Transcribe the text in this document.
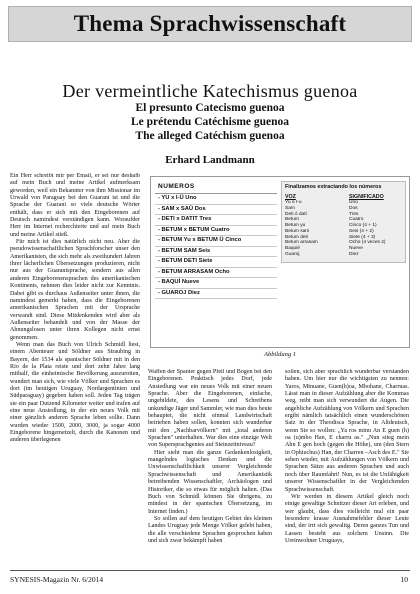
Thema Sprachwissenschaft
Der vermeintliche Katechismus guenoa
El presunto Catecismo guenoa
Le prétendu Catéchisme guenoa
The alleged Catéchism guenoa
Erhard Landmann

Ein Herr schreibt mir per Email, er sei nur deshalb auf mein Buch und meine Artikel aufmerksam geworden, weil ein Bekannter von ihm Missionar im Urwald von Paraguay bei den Guarani ist und die Sprache der Guarani so viele deutsche Wörter enthält, dass er sich mit den Eingeborenen auf Deutsch namindest verständigen kann. Woraufder Herr im Internet recherchierte und auf mein Buch und meine Artikel stieß.

Für mich ist dies natürlich nicht neu. Aber die pseudowissenschaftlichen Sprachforscher unser den Amerikanisten, die sich mehr als zweihundert Jahren ihrer lächerlichen Übersetzungen produzieren, nicht nur aus der Guaranisprache, sondern aus allen anderen Eingeborenensprachen des amerikanischen Kontinents, nehmen dies leider nicht zur Kenntnis. Dabei gibt es durchaus Außenseiter unter ihnen, die namindest gemerkt haben, dass die Eingeborenen amerikanischen Sprachen mit der Ursprache verwandt sind. Diese Mitdenkenden wird aber als Außenseiter behandelt und von der Masse der Ahnungslosen unter ihren Kollegen nicht ernst genommen.

Wenn man das Buch von Ulrich Schmidl liest, einem Abenteuer und Söldner aus Straubing in Bayern, der 1534 als spanischer Söldner mit in den Rio de la Plata reiste und dort zehn Jahre lang mithalf, die einheimische Bevölkerung auszurotten, wundert man sich, wie viele Völker und Sprachen es dort (im heutigen Uruguay, Nordargentinien und Südparaguay) gegeben haben soll. Jeden Tag trägen sie ein paar Dutzend Kilometer weiter und trafen auf eine neue Ansiedlung, in der ein neues Volk mit einer gänzlich anderen Sprache leben sollte. Dann wurden wieder 1500, 2000, 3000, ja sogar 4000 Eingeborene hingemetzelt, durch die Kanonen und anderen überlegenen

NUMEROS
- YU x I-Ü Uno
- SAM x SAÜ Dos
- DETI x DATIT Tres
- BETUM x BETUM Cuatro
- BETUM Yu x BETUM Ü Cinco
- BETUM SAM Seis
- BETUM DETI Siete
- BETUM ARRASAM Ocho
- BAQUİ Nueve
- GUAROJ Diez
Finalizamos extractando los números
VOZ
Yu ó I-u
Sam
Deti ó datí
Betum
Betum yu
Betum sam
Betum deti
Betum arrasam
Baquié
Guaroj
SIGNIFICADO
Uno
Dos
Tres
Cuatro
Cinco (4 + 1)
Seis (4 + 2)
Siete (4 + 3)
Ocho (4 veces 2)
Nueve
Diez
Abbildung 1

Waffen der Spanier gegen Pfeil und Bogen bei den Eingeborenen. Praktisch jedes Dorf, jede Ansiedlung war ein neues Volk mit einer neuen Sprache. Aber die Eingeborenen, einfache, ungebildete, des Lesens und Schreibens unkundige Jäger und Sammler, wie man dies heute behauptet, die nicht einmal Landwirtschaft betrieben haben sollen, konnten sich wunderbar mit den „Nachbarvölkern" mit „total anderen Sprachen" unterhalten. War dies eine einzige Welt von Supersprachgenies auf Steinzeitniveau?

Hier sieht man die ganze Gedankenlosigkeit, mangelndes logisches Denken und die Unwissenschaftlichkeit unserer Vergleichende Sprachwissenschaft und Amerikanistik betreibenden Wissenschaftler, Archäologen und Historiker, die so etwas für möglich halten. (Das Buch von Schmidl können Sie übrigens, zu mindest in der spanischen Übersetzung, im Internet finden.)

So sollen auf dem heutigen Gebiet des kleinen Landes Uruguay jede Menge Völker gelebt haben, die alle verschiedene Sprachen gesprochen haben und sich zwar bekämpft haben

sollen, sich aber sprachlich wunderbar verstanden haben. Um hier nur die wichtigsten zu nennen: Yaros, Minuane, Guen(h)oa, Mbohane, Charruas. Lässt man in dieser Aufzählung aber die Kommas weg, reibt man sich verwundert die Augen. Die angebliche Aufzählung von Völkern und Sprachen ergibt nämlich tatsächlich einen wunderschönen Satz in der Theodisca Sprache, in Altdeutsch, wenn Sie so wollen: „Ya ros minu An E guen (h) oa (u)mbo Han, E charru as." „Nun stieg mein Ahn E gen hoch (gegen die Höhe), um (den Stern in Ophiuchus) Han, der Charren –Asch des E." Sie sehen wieder, mit Aufzählungen von Völkern und Sprachen Sätze aus anderen Sprachen und auch noch über Raumfahrt! Nun, es ist die Unfähigkeit unserer Wissenschaftler in der Vergleichenden Sprachwissenschaft.

Wir werden in diesem Artikel gleich noch einige gewaltige Schnitzer dieser Art erleben, und wer glaubt, dass dies vielleicht mal ein paar besondere krasse Ausnahmefehler dieser Leute sind, der irrt sich gewaltig. Deren ganzes Tun und Lassen besteht aus solchem Unsinn. Die Ureinwohner Uruguays,

SYNESIS-Magazin Nr. 6/2014	10
